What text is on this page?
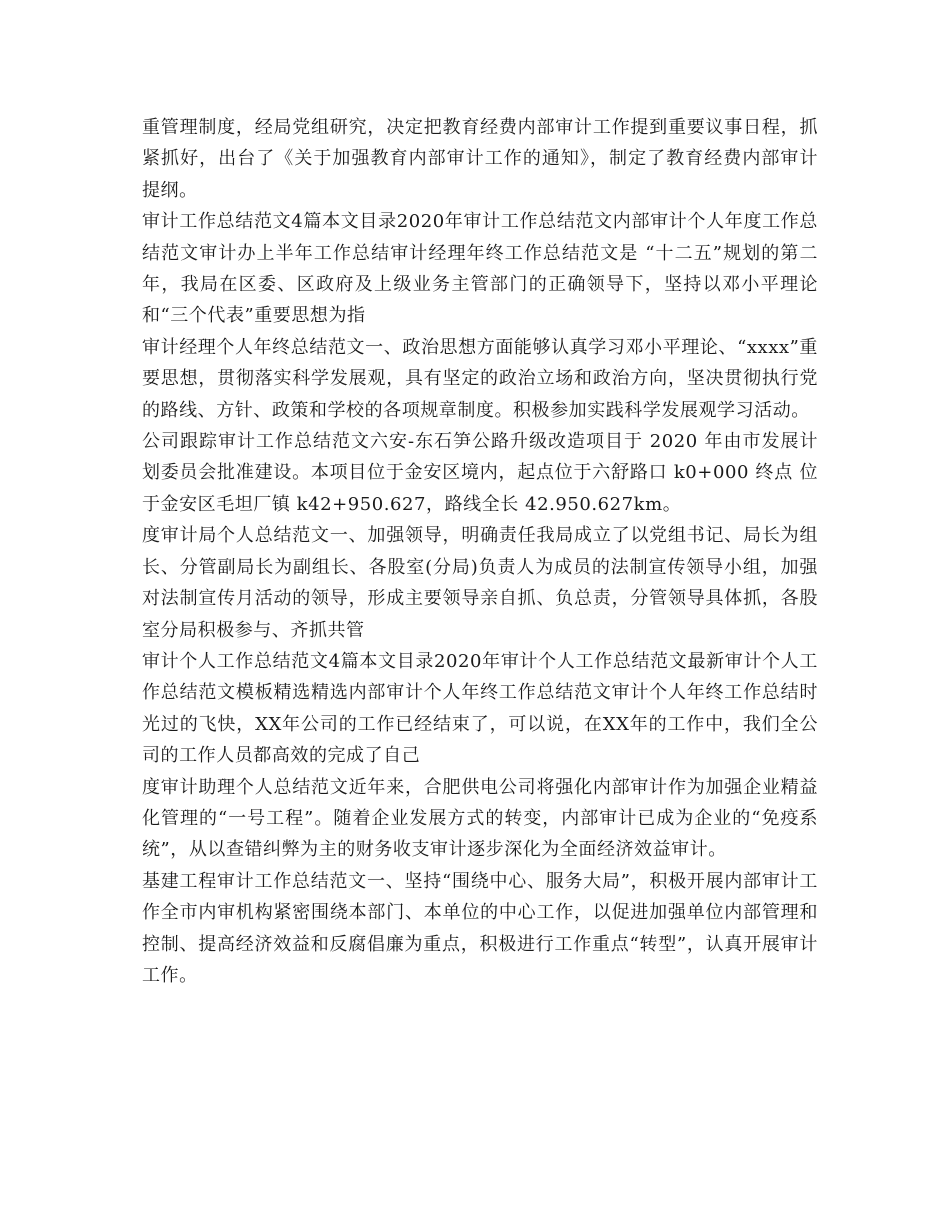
重管理制度，经局党组研究，决定把教育经费内部审计工作提到重要议事日程，抓紧抓好，出台了《关于加强教育内部审计工作的通知》，制定了教育经费内部审计提纲。

审计工作总结范文4篇本文目录2020年审计工作总结范文内部审计个人年度工作总结范文审计办上半年工作总结审计经理年终工作总结范文是 “十二五”规划的第二年，我局在区委、区政府及上级业务主管部门的正确领导下，坚持以邓小平理论和“三个代表”重要思想为指

审计经理个人年终总结范文一、政治思想方面能够认真学习邓小平理论、“xxxx”重要思想，贯彻落实科学发展观，具有坚定的政治立场和政治方向，坚决贯彻执行党的路线、方针、政策和学校的各项规章制度。积极参加实践科学发展观学习活动。

公司跟踪审计工作总结范文六安-东石笋公路升级改造项目于 2020 年由市发展计划委员会批准建设。本项目位于金安区境内，起点位于六舒路口 k0+000 终点 位于金安区毛坦厂镇 k42+950.627，路线全长 42.950.627km。

度审计局个人总结范文一、加强领导，明确责任我局成立了以党组书记、局长为组长、分管副局长为副组长、各股室(分局)负责人为成员的法制宣传领导小组，加强对法制宣传月活动的领导，形成主要领导亲自抓、负总责，分管领导具体抓，各股室分局积极参与、齐抓共管

审计个人工作总结范文4篇本文目录2020年审计个人工作总结范文最新审计个人工作总结范文模板精选精选内部审计个人年终工作总结范文审计个人年终工作总结时光过的飞快，XX年公司的工作已经结束了，可以说，在XX年的工作中，我们全公司的工作人员都高效的完成了自己

度审计助理个人总结范文近年来，合肥供电公司将强化内部审计作为加强企业精益化管理的“一号工程”。随着企业发展方式的转变，内部审计已成为企业的“免疫系统”，从以查错纠弊为主的财务收支审计逐步深化为全面经济效益审计。

基建工程审计工作总结范文一、坚持“围绕中心、服务大局”，积极开展内部审计工作全市内审机构紧密围绕本部门、本单位的中心工作，以促进加强单位内部管理和控制、提高经济效益和反腐倡廉为重点，积极进行工作重点“转型”，认真开展审计工作。
